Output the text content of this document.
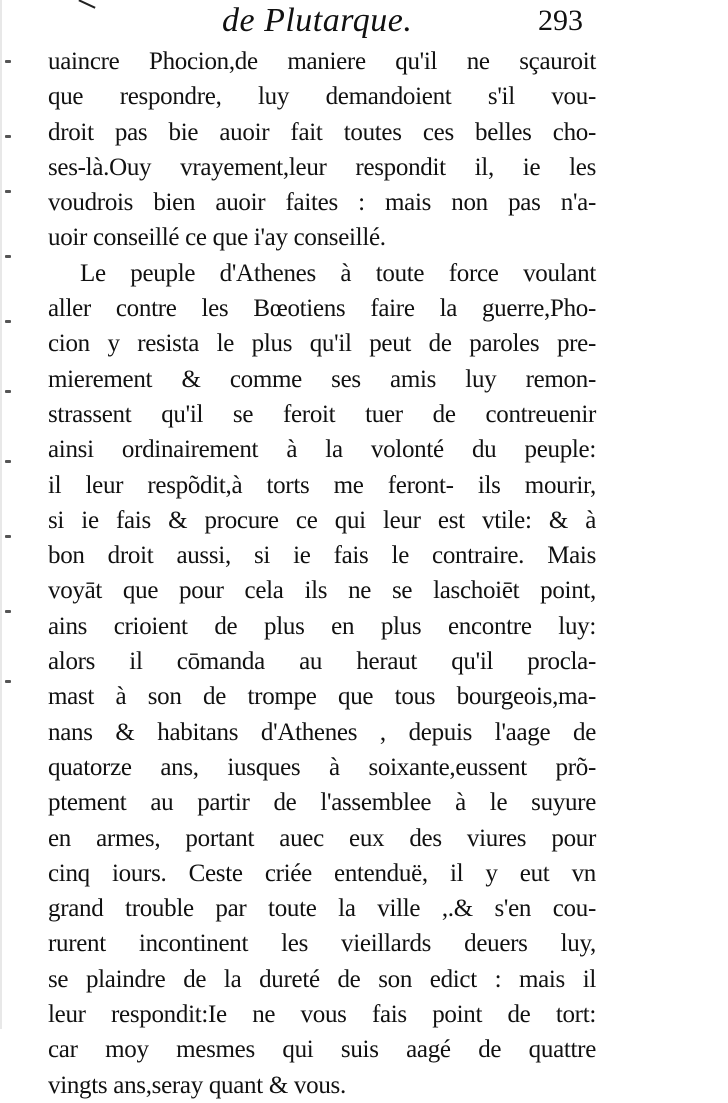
de Plutarque.	293
uaincre Phocion,de maniere qu'il ne sçauroit
que respondre, luy demandoient s'il vou-
droit pas bie auoir fait toutes ces belles cho-
ses-là.Ouy vrayement,leur respondit il, ie les
voudrois bien auoir faites : mais non pas n'a-
uoir conseillé ce que i'ay conseillé.
Le peuple d'Athenes à toute force voulant
aller contre les Bœotiens faire la guerre,Pho-
cion y resista le plus qu'il peut de paroles pre-
mierement & comme ses amis luy remon-
strassent qu'il se feroit tuer de contreuenir
ainsi ordinairement à la volonté du peuple:
il leur respõdit,à torts me feront- ils mourir,
si ie fais & procure ce qui leur est vtile: & à
bon droit aussi, si ie fais le contraire. Mais
voyāt que pour cela ils ne se laschoiēt point,
ains crioient de plus en plus encontre luy:
alors il cōmanda au heraut qu'il procla-
mast à son de trompe que tous bourgeois,ma-
nans & habitans d'Athenes , depuis l'aage de
quatorze ans, iusques à soixante,eussent prõ-
ptement au partir de l'assemblee à le suyure
en armes, portant auec eux des viures pour
cinq iours. Ceste criée entenduë, il y eut vn
grand trouble par toute la ville ,.& s'en cou-
rurent incontinent les vieillards deuers luy,
se plaindre de la dureté de son edict : mais il
leur respondit:Ie ne vous fais point de tort:
car moy mesmes qui suis aagé de quattre
vingts ans,seray quant & vous.
